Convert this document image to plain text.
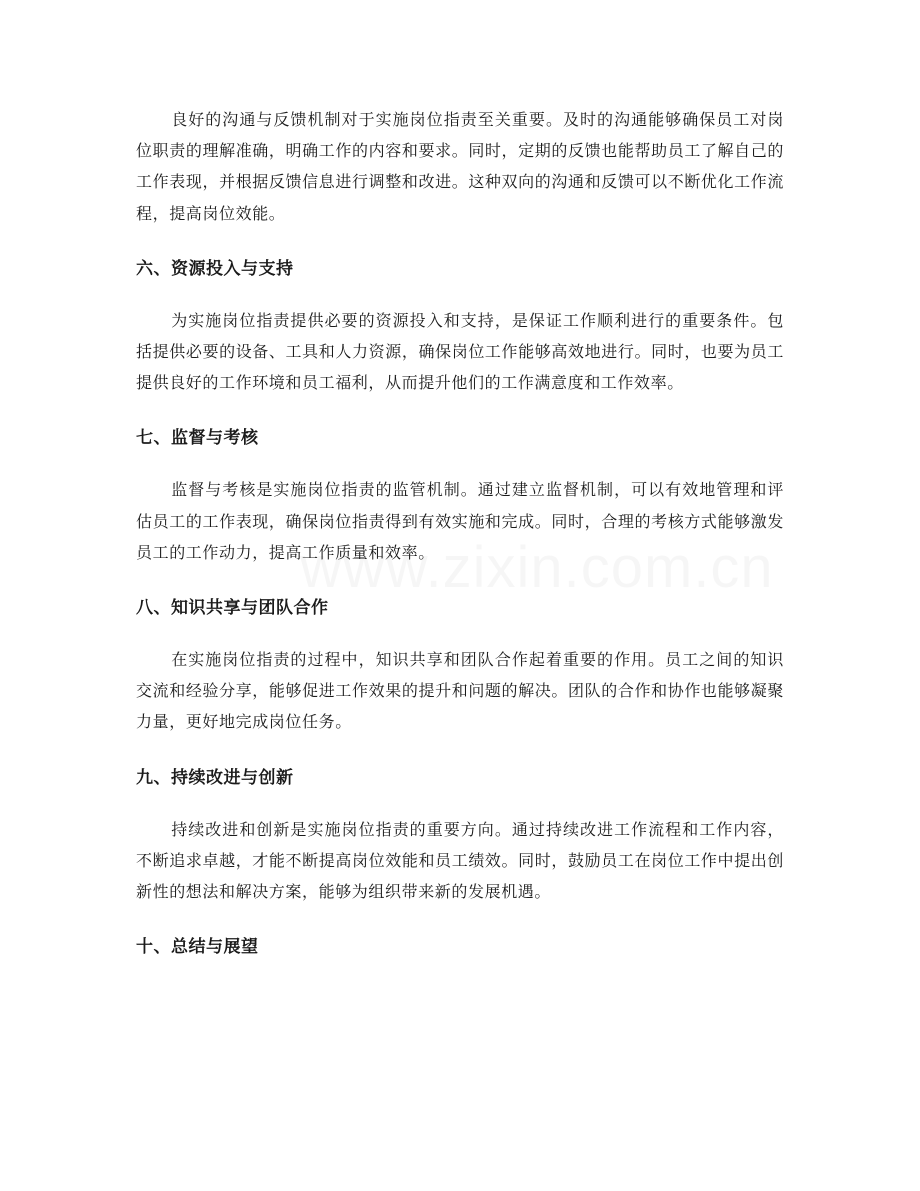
良好的沟通与反馈机制对于实施岗位指责至关重要。及时的沟通能够确保员工对岗位职责的理解准确，明确工作的内容和要求。同时，定期的反馈也能帮助员工了解自己的工作表现，并根据反馈信息进行调整和改进。这种双向的沟通和反馈可以不断优化工作流程，提高岗位效能。

六、资源投入与支持

为实施岗位指责提供必要的资源投入和支持，是保证工作顺利进行的重要条件。包括提供必要的设备、工具和人力资源，确保岗位工作能够高效地进行。同时，也要为员工提供良好的工作环境和员工福利，从而提升他们的工作满意度和工作效率。

七、监督与考核

监督与考核是实施岗位指责的监管机制。通过建立监督机制，可以有效地管理和评估员工的工作表现，确保岗位指责得到有效实施和完成。同时，合理的考核方式能够激发员工的工作动力，提高工作质量和效率。

八、知识共享与团队合作

在实施岗位指责的过程中，知识共享和团队合作起着重要的作用。员工之间的知识交流和经验分享，能够促进工作效果的提升和问题的解决。团队的合作和协作也能够凝聚力量，更好地完成岗位任务。

九、持续改进与创新

持续改进和创新是实施岗位指责的重要方向。通过持续改进工作流程和工作内容，不断追求卓越，才能不断提高岗位效能和员工绩效。同时，鼓励员工在岗位工作中提出创新性的想法和解决方案，能够为组织带来新的发展机遇。

十、总结与展望
